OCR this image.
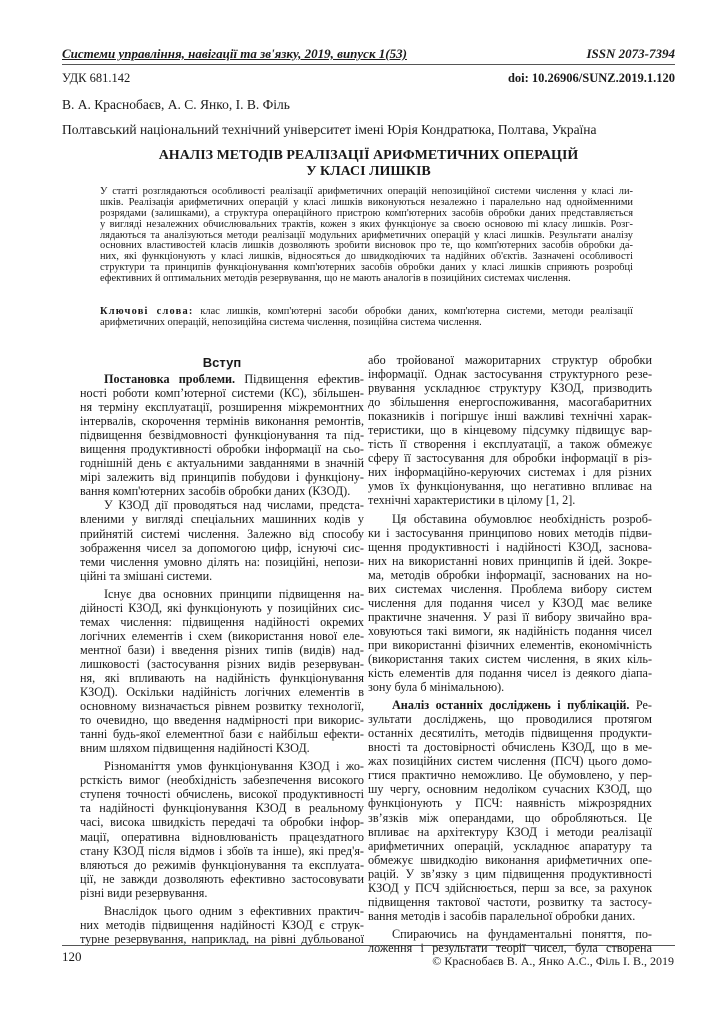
Системи управління, навігації та зв'язку, 2019, випуск 1(53)	ISSN 2073-7394
УДК 681.142	doi: 10.26906/SUNZ.2019.1.120
В. А. Краснобаєв, А. С. Янко, І. В. Філь
Полтавський національний технічний університет імені Юрія Кондратюка, Полтава, Україна
АНАЛІЗ МЕТОДІВ РЕАЛІЗАЦІЇ АРИФМЕТИЧНИХ ОПЕРАЦІЙ
У КЛАСІ ЛИШКІВ
У статті розглядаються особливості реалізації арифметичних операцій непозиційної системи числення у класі ли-
шків. Реалізація арифметичних операцій у класі лишків виконуються незалежно і паралельно над однойменними
розрядами (залишками), а структура операційного пристрою комп'ютерних засобів обробки даних представляється
у вигляді незалежних обчислювальних трактів, кожен з яких функціонує за своєю основою mi класу лишків. Розг-
лядаються та аналізуються методи реалізації модульних арифметичних операцій у класі лишків. Результати аналізу
основних властивостей класів лишків дозволяють зробити висновок про те, що комп'ютерних засобів обробки да-
них, які функціонують у класі лишків, відносяться до швидкодіючих та надійних об'єктів. Зазначені особливості
структури та принципів функціонування комп'ютерних засобів обробки даних у класі лишків сприяють розробці
ефективних й оптимальних методів резервування, що не мають аналогів в позиційних системах числення.
Ключові слова: клас лишків, комп'ютерні засоби обробки даних, комп'ютерна системи, методи реалізації
арифметичних операцій, непозиційна система числення, позиційна система числення.
Вступ
Постановка проблеми. Підвищення ефектив-
ності роботи комп’ютерної системи (КС), збільшен-
ня терміну експлуатації, розширення міжремонтних
інтервалів, скорочення термінів виконання ремонтів,
підвищення безвідмовності функціонування та під-
вищення продуктивності обробки інформації на сьо-
годнішній день є актуальними завданнями в значній
мірі залежить від принципів побудови і функціону-
вання комп'ютерних засобів обробки даних (КЗОД).
У КЗОД дії проводяться над числами, предста-
вленими у вигляді спеціальних машинних кодів у
прийнятій системі числення. Залежно від способу
зображення чисел за допомогою цифр, існуючі сис-
теми числення умовно ділять на: позиційні, непози-
ційні та змішані системи.
Існує два основних принципи підвищення на-
дійності КЗОД, які функціонують у позиційних сис-
темах числення: підвищення надійності окремих
логічних елементів і схем (використання нової еле-
ментної бази) і введення різних типів (видів) над-
лишковості (застосування різних видів резервуван-
ня, які впливають на надійність функціонування
КЗОД). Оскільки надійність логічних елементів в
основному визначається рівнем розвитку технології,
то очевидно, що введення надмірності при викорис-
танні будь-якої елементної бази є найбільш ефекти-
вним шляхом підвищення надійності КЗОД.
Різноманіття умов функціонування КЗОД і жо-
рсткість вимог (необхідність забезпечення високого
ступеня точності обчислень, високої продуктивності
та надійності функціонування КЗОД в реальному
часі, висока швидкість передачі та обробки інфор-
мації, оперативна відновлюваність працездатного
стану КЗОД після відмов і збоїв та інше), які пред'я-
вляються до режимів функціонування та експлуата-
ції, не завжди дозволяють ефективно застосовувати
різні види резервування.
Внаслідок цього одним з ефективних практич-
них методів підвищення надійності КЗОД є струк-
турне резервування, наприклад, на рівні дубльованої
або тройованої мажоритарних структур обробки
інформації. Однак застосування структурного резе-
рвування ускладнює структуру КЗОД, призводить
до збільшення енергоспоживання, масогабаритних
показників і погіршує інші важливі технічні харак-
теристики, що в кінцевому підсумку підвищує вар-
тість її створення і експлуатації, а також обмежує
сферу її застосування для обробки інформації в різ-
них інформаційно-керуючих системах і для різних
умов їх функціонування, що негативно впливає на
технічні характеристики в цілому [1, 2].
Ця обставина обумовлює необхідність розроб-
ки і застосування принципово нових методів підви-
щення продуктивності і надійності КЗОД, заснова-
них на використанні нових принципів й ідей. Зокре-
ма, методів обробки інформації, заснованих на но-
вих системах числення. Проблема вибору систем
числення для подання чисел у КЗОД має велике
практичне значення. У разі її вибору звичайно вра-
ховуються такі вимоги, як надійність подання чисел
при використанні фізичних елементів, економічність
(використання таких систем числення, в яких кіль-
кість елементів для подання чисел із деякого діапа-
зону була б мінімальною).
Аналіз останніх досліджень і публікацій. Ре-
зультати досліджень, що проводилися протягом
останніх десятиліть, методів підвищення продукти-
вності та достовірності обчислень КЗОД, що в ме-
жах позиційних систем числення (ПСЧ) цього домо-
гтися практично неможливо. Це обумовлено, у пер-
шу чергу, основним недоліком сучасних КЗОД, що
функціонують у ПСЧ: наявність міжрозрядних
зв’язків між операндами, що обробляються. Це
впливає на архітектуру КЗОД і методи реалізації
арифметичних операцій, ускладнює апаратуру та
обмежує швидкодію виконання арифметичних опе-
рацій. У зв’язку з цим підвищення продуктивності
КЗОД у ПСЧ здійснюється, перш за все, за рахунок
підвищення тактової частоти, розвитку та застосу-
вання методів і засобів паралельної обробки даних.
Спираючись на фундаментальні поняття, по-
ложення і результати теорії чисел, була створена
120	© Краснобаєв В. А., Янко А.С., Філь І. В., 2019
